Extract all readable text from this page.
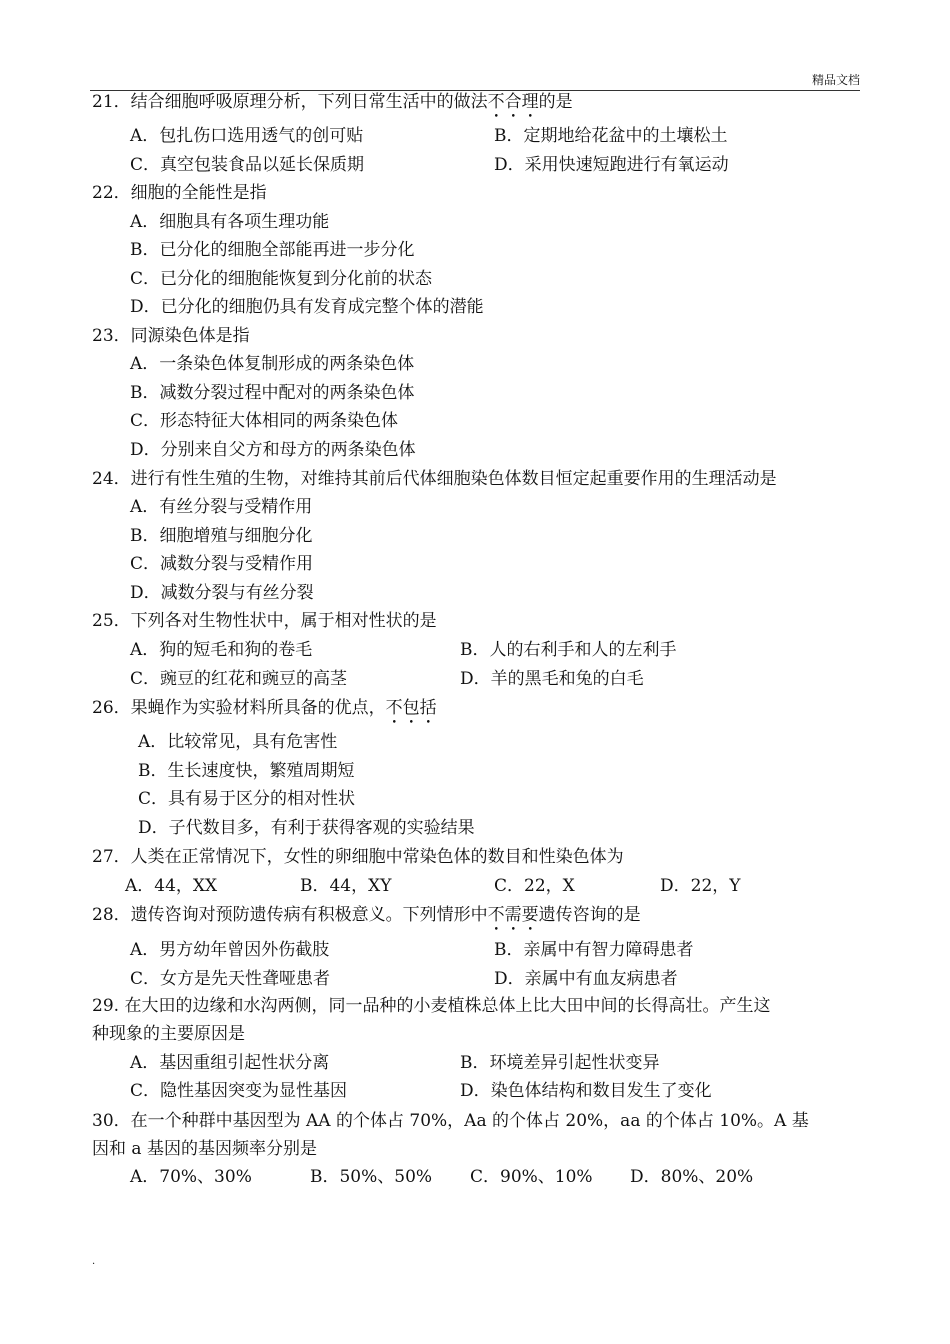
精品文档
21．结合细胞呼吸原理分析，下列日常生活中的做法不合理的是
A．包扎伤口选用透气的创可贴	B．定期地给花盆中的土壤松土
C．真空包装食品以延长保质期	D．采用快速短跑进行有氧运动
22．细胞的全能性是指
A．细胞具有各项生理功能
B．已分化的细胞全部能再进一步分化
C．已分化的细胞能恢复到分化前的状态
D．已分化的细胞仍具有发育成完整个体的潜能
23．同源染色体是指
A．一条染色体复制形成的两条染色体
B．减数分裂过程中配对的两条染色体
C．形态特征大体相同的两条染色体
D．分别来自父方和母方的两条染色体
24．进行有性生殖的生物，对维持其前后代体细胞染色体数目恒定起重要作用的生理活动是
A．有丝分裂与受精作用
B．细胞增殖与细胞分化
C．减数分裂与受精作用
D．减数分裂与有丝分裂
25．下列各对生物性状中，属于相对性状的是
A．狗的短毛和狗的卷毛	B．人的右利手和人的左利手
C．豌豆的红花和豌豆的高茎	D．羊的黑毛和兔的白毛
26．果蝇作为实验材料所具备的优点，不包括
A．比较常见，具有危害性
B．生长速度快，繁殖周期短
C．具有易于区分的相对性状
D．子代数目多，有利于获得客观的实验结果
27．人类在正常情况下，女性的卵细胞中常染色体的数目和性染色体为
A．44，XX	B．44，XY	C．22，X	D．22，Y
28．遗传咨询对预防遗传病有积极意义。下列情形中不需要遗传咨询的是
A．男方幼年曾因外伤截肢	B．亲属中有智力障碍患者
C．女方是先天性聋哑患者	D．亲属中有血友病患者
29. 在大田的边缘和水沟两侧，同一品种的小麦植株总体上比大田中间的长得高壮。产生这
种现象的主要原因是
A．基因重组引起性状分离	B．环境差异引起性状变异
C．隐性基因突变为显性基因	D．染色体结构和数目发生了变化
30．在一个种群中基因型为 AA 的个体占 70%，Aa 的个体占 20%，aa 的个体占 10%。A 基
因和 a 基因的基因频率分别是
A．70%、30%	B．50%、50% C．90%、10% D．80%、20%
.
